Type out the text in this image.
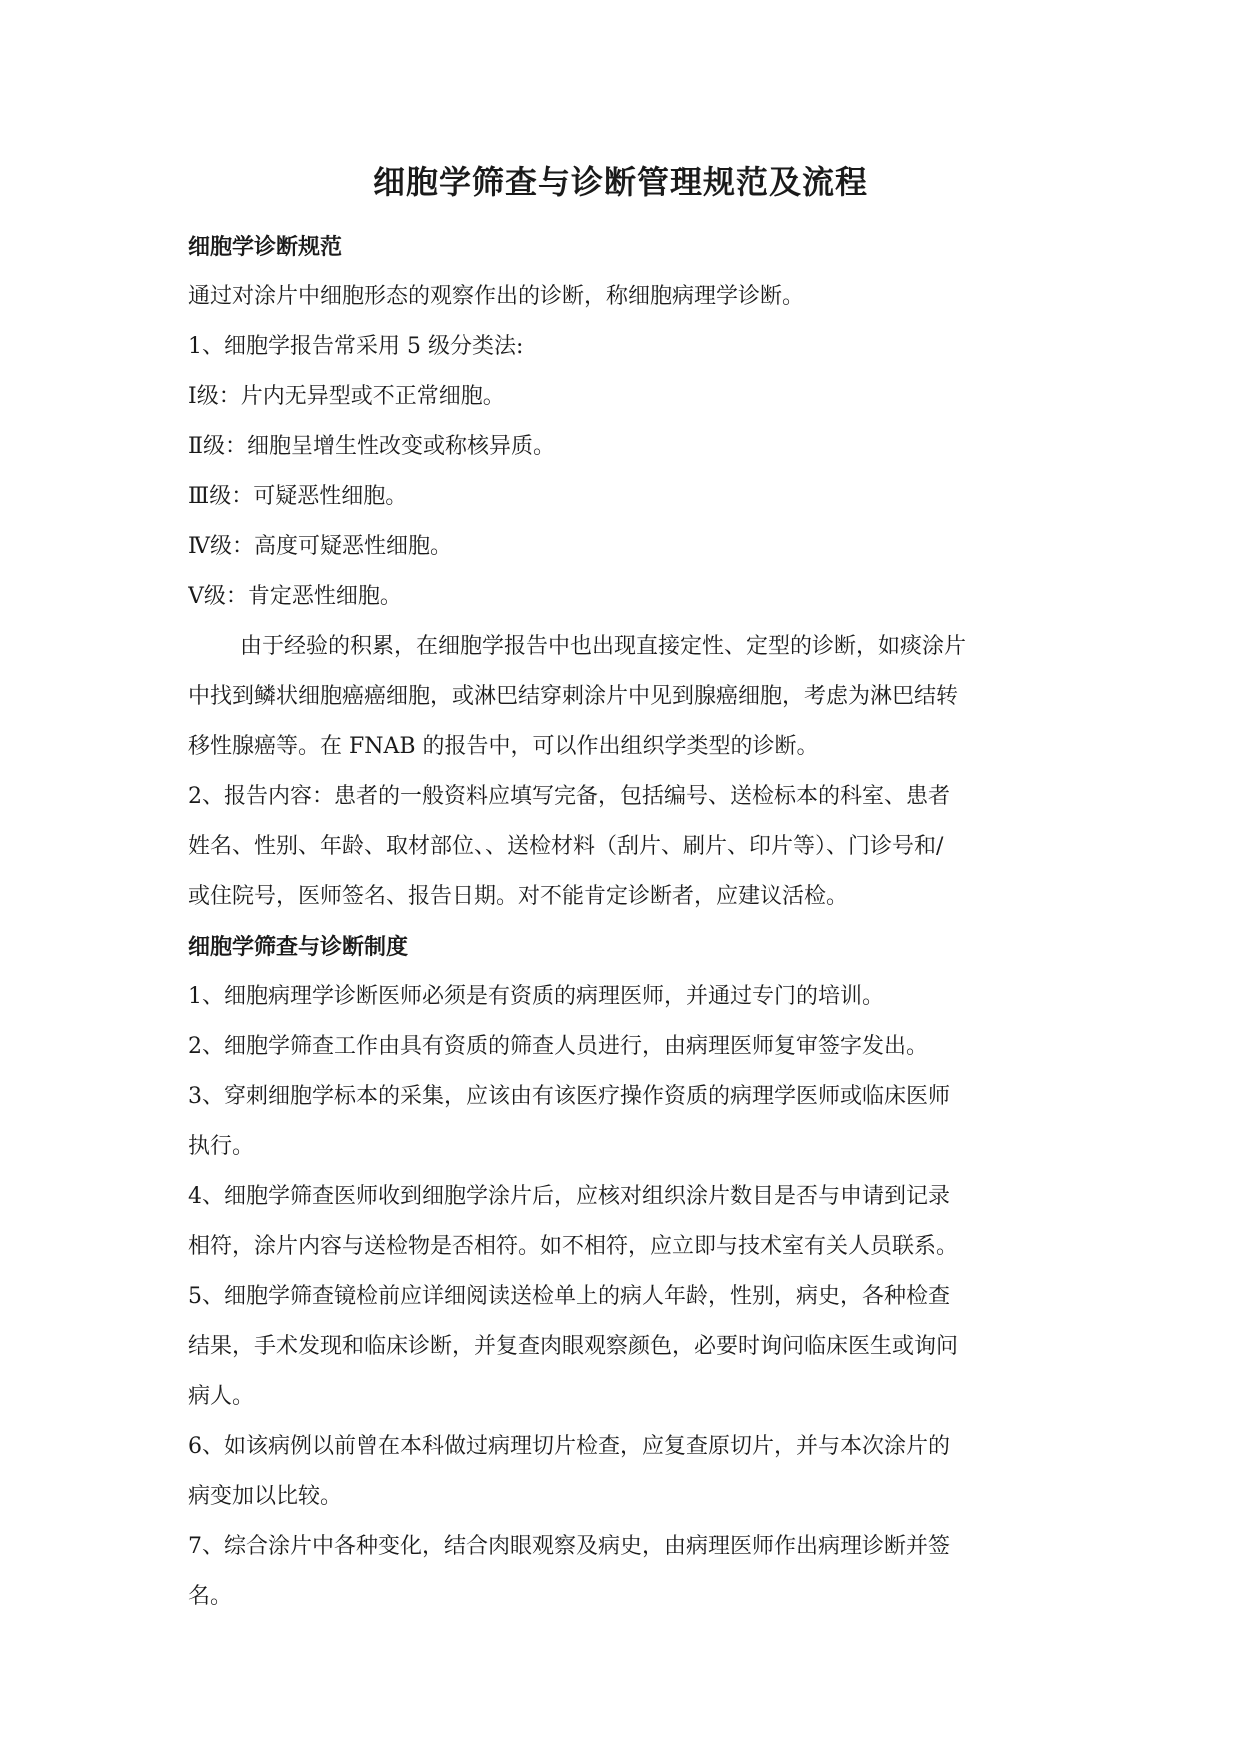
细胞学筛查与诊断管理规范及流程
细胞学诊断规范
通过对涂片中细胞形态的观察作出的诊断，称细胞病理学诊断。
1、细胞学报告常采用 5 级分类法:
Ⅰ级：片内无异型或不正常细胞。
Ⅱ级：细胞呈增生性改变或称核异质。
Ⅲ级：可疑恶性细胞。
Ⅳ级：高度可疑恶性细胞。
Ⅴ级：肯定恶性细胞。
由于经验的积累，在细胞学报告中也出现直接定性、定型的诊断，如痰涂片
中找到鳞状细胞癌癌细胞，或淋巴结穿刺涂片中见到腺癌细胞，考虑为淋巴结转
移性腺癌等。在 FNAB 的报告中，可以作出组织学类型的诊断。
2、报告内容：患者的一般资料应填写完备，包括编号、送检标本的科室、患者
姓名、性别、年龄、取材部位、、送检材料（刮片、刷片、印片等）、门诊号和/
或住院号，医师签名、报告日期。对不能肯定诊断者，应建议活检。
细胞学筛查与诊断制度
1、细胞病理学诊断医师必须是有资质的病理医师，并通过专门的培训。
2、细胞学筛查工作由具有资质的筛查人员进行，由病理医师复审签字发出。
3、穿刺细胞学标本的采集，应该由有该医疗操作资质的病理学医师或临床医师
执行。
4、细胞学筛查医师收到细胞学涂片后，应核对组织涂片数目是否与申请到记录
相符，涂片内容与送检物是否相符。如不相符，应立即与技术室有关人员联系。
5、细胞学筛查镜检前应详细阅读送检单上的病人年龄，性别，病史，各种检查
结果，手术发现和临床诊断，并复查肉眼观察颜色，必要时询问临床医生或询问
病人。
6、如该病例以前曾在本科做过病理切片检查，应复查原切片，并与本次涂片的
病变加以比较。
7、综合涂片中各种变化，结合肉眼观察及病史，由病理医师作出病理诊断并签
名。
